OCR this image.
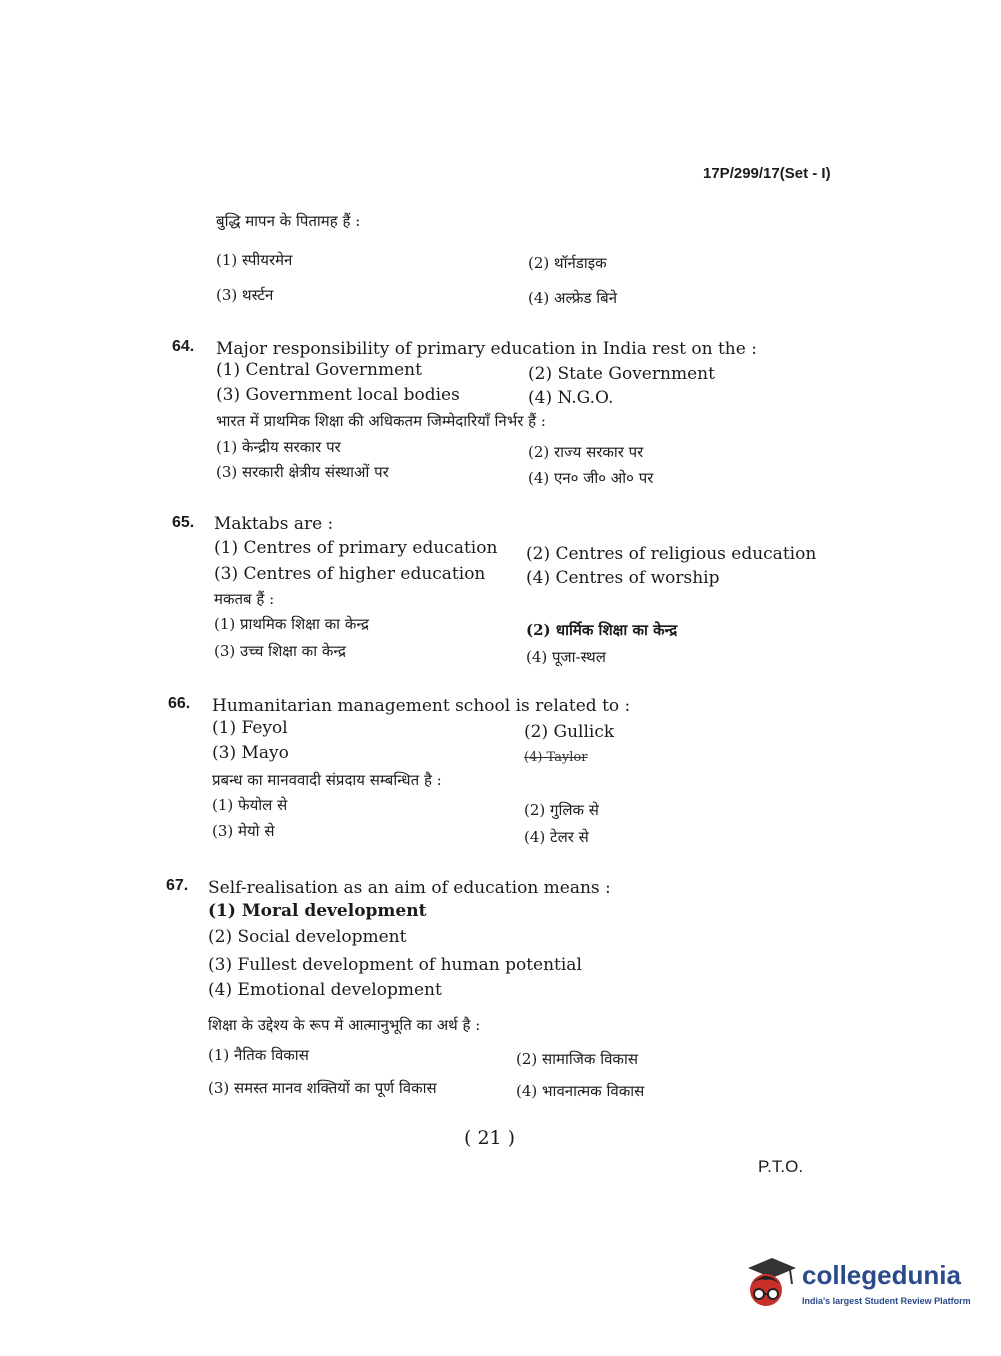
17P/299/17(Set - I)
बुद्धि मापन के पितामह हैं :
(1) स्पीयरमेन	(2) थॉर्नडाइक
(3) थर्स्टन	(4) अल्फ्रेड बिने
64. Major responsibility of primary education in India rest on the :
(1) Central Government	(2) State Government
(3) Government local bodies	(4) N.G.O.
भारत में प्राथमिक शिक्षा की अधिकतम जिम्मेदारियाँ निर्भर हैं :
(1) केन्द्रीय सरकार पर	(2) राज्य सरकार पर
(3) सरकारी क्षेत्रीय संस्थाओं पर	(4) एन० जी० ओ० पर
65. Maktabs are :
(1) Centres of primary education (2) Centres of religious education
(3) Centres of higher education (4) Centres of worship
मकतब हैं :
(1) प्राथमिक शिक्षा का केन्द्र	(2) धार्मिक शिक्षा का केन्द्र
(3) उच्च शिक्षा का केन्द्र	(4) पूजा-स्थल
66. Humanitarian management school is related to :
(1) Feyol	(2) Gullick
(3) Mayo	(4) Taylor
प्रबन्ध का मानववादी संप्रदाय सम्बन्धित है :
(1) फेयोल से	(2) गुलिक से
(3) मेयो से	(4) टेलर से
67. Self-realisation as an aim of education means :
(1) Moral development
(2) Social development
(3) Fullest development of human potential
(4) Emotional development
शिक्षा के उद्देश्य के रूप में आत्मानुभूति का अर्थ है :
(1) नैतिक विकास	(2) सामाजिक विकास
(3) समस्त मानव शक्तियों का पूर्ण विकास	(4) भावनात्मक विकास
( 21 )
P.T.O.
collegedunia
India's largest Student Review Platform
